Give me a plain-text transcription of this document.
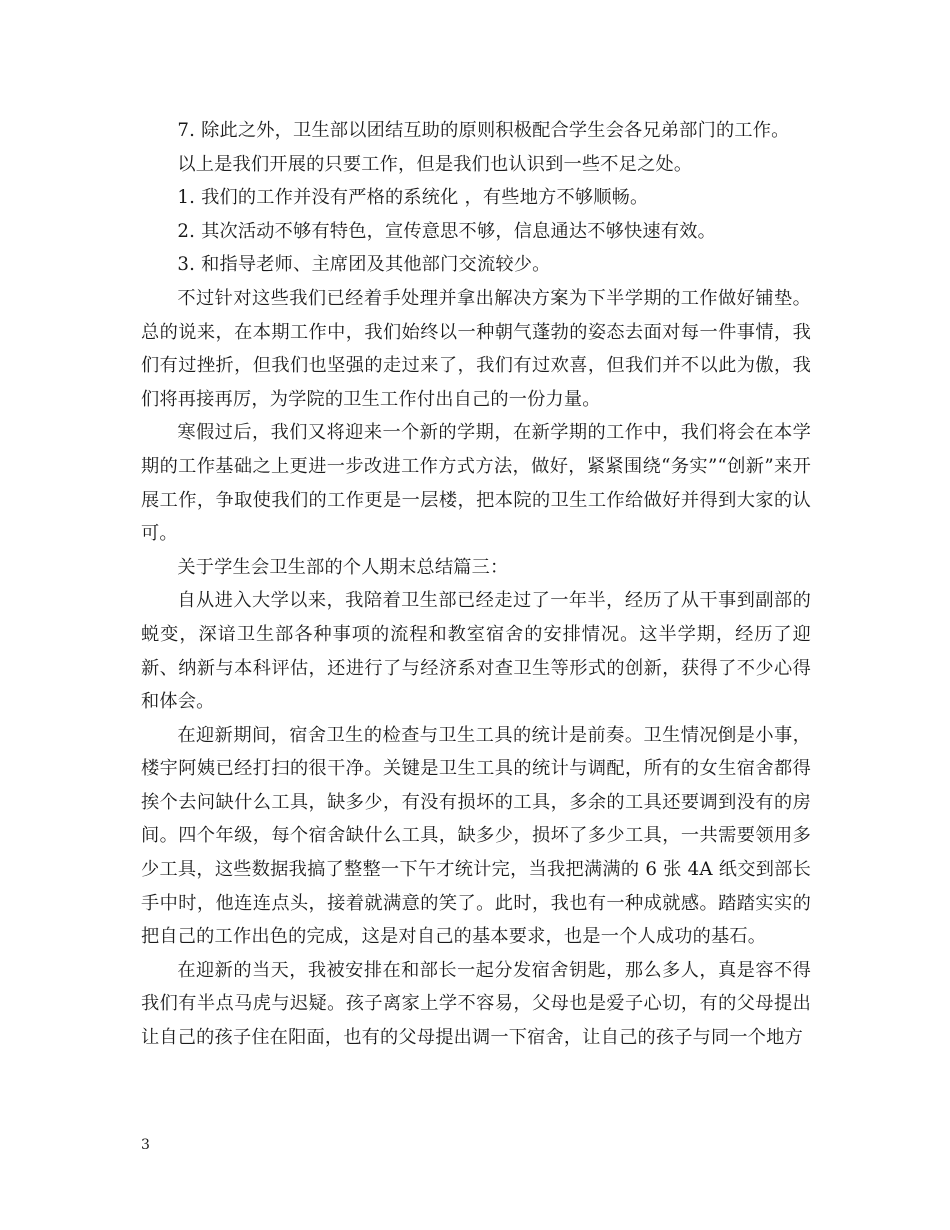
7. 除此之外，卫生部以团结互助的原则积极配合学生会各兄弟部门的工作。

以上是我们开展的只要工作，但是我们也认识到一些不足之处。

1. 我们的工作并没有严格的系统化 ，有些地方不够顺畅。

2. 其次活动不够有特色，宣传意思不够，信息通达不够快速有效。

3. 和指导老师、主席团及其他部门交流较少。

不过针对这些我们已经着手处理并拿出解决方案为下半学期的工作做好铺垫。总的说来，在本期工作中，我们始终以一种朝气蓬勃的姿态去面对每一件事情，我们有过挫折，但我们也坚强的走过来了，我们有过欢喜，但我们并不以此为傲，我们将再接再厉，为学院的卫生工作付出自己的一份力量。

寒假过后，我们又将迎来一个新的学期，在新学期的工作中，我们将会在本学期的工作基础之上更进一步改进工作方式方法，做好，紧紧围绕“务实”“创新”来开展工作，争取使我们的工作更是一层楼，把本院的卫生工作给做好并得到大家的认可。

关于学生会卫生部的个人期末总结篇三：

自从进入大学以来，我陪着卫生部已经走过了一年半，经历了从干事到副部的蜕变，深谙卫生部各种事项的流程和教室宿舍的安排情况。这半学期，经历了迎新、纳新与本科评估，还进行了与经济系对查卫生等形式的创新，获得了不少心得和体会。

在迎新期间，宿舍卫生的检查与卫生工具的统计是前奏。卫生情况倒是小事，楼宇阿姨已经打扫的很干净。关键是卫生工具的统计与调配，所有的女生宿舍都得挨个去问缺什么工具，缺多少，有没有损坏的工具，多余的工具还要调到没有的房间。四个年级，每个宿舍缺什么工具，缺多少，损坏了多少工具，一共需要领用多少工具，这些数据我搞了整整一下午才统计完，当我把满满的 6 张 4A 纸交到部长手中时，他连连点头，接着就满意的笑了。此时，我也有一种成就感。踏踏实实的把自己的工作出色的完成，这是对自己的基本要求，也是一个人成功的基石。

在迎新的当天，我被安排在和部长一起分发宿舍钥匙，那么多人，真是容不得我们有半点马虎与迟疑。孩子离家上学不容易，父母也是爱子心切，有的父母提出让自己的孩子住在阳面，也有的父母提出调一下宿舍，让自己的孩子与同一个地方

3
